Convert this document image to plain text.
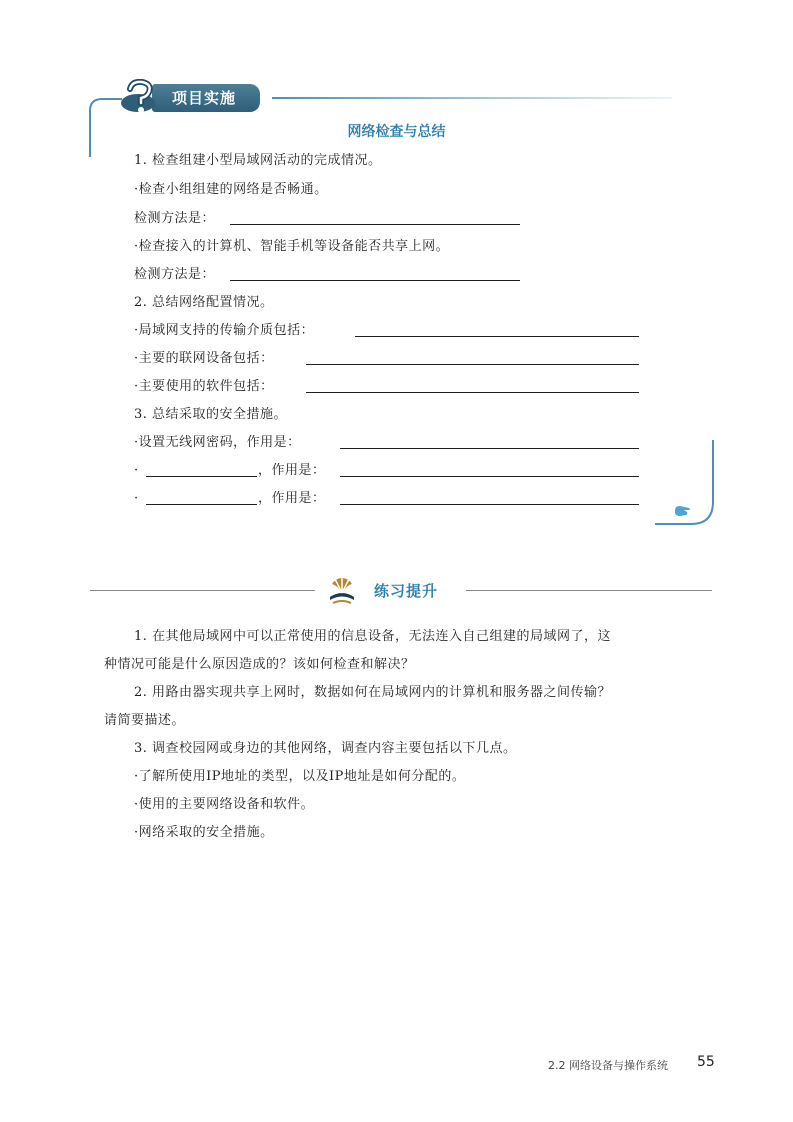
项目实施
网络检查与总结
1. 检查组建小型局域网活动的完成情况。
·检查小组组建的网络是否畅通。
检测方法是：
·检查接入的计算机、智能手机等设备能否共享上网。
检测方法是：
2. 总结网络配置情况。
·局域网支持的传输介质包括：
·主要的联网设备包括：
·主要使用的软件包括：
3. 总结采取的安全措施。
·设置无线网密码，作用是：
·	，作用是：
·	，作用是：
练习提升
1. 在其他局域网中可以正常使用的信息设备，无法连入自己组建的局域网了，这
种情况可能是什么原因造成的？该如何检查和解决？
2. 用路由器实现共享上网时，数据如何在局域网内的计算机和服务器之间传输？
请简要描述。
3. 调查校园网或身边的其他网络，调查内容主要包括以下几点。
·了解所使用IP地址的类型，以及IP地址是如何分配的。
·使用的主要网络设备和软件。
·网络采取的安全措施。
2.2 网络设备与操作系统 55
